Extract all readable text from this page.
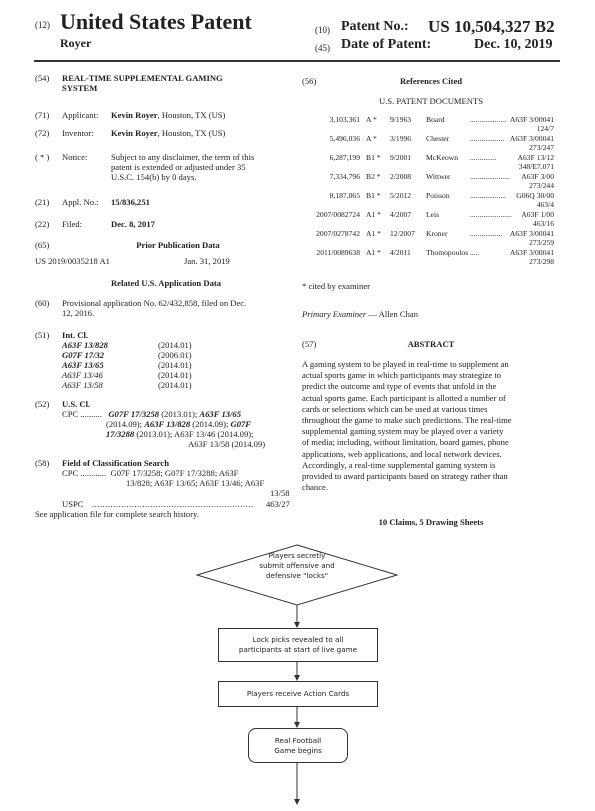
(12) United States Patent
Royer
(10) Patent No.: US 10,504,327 B2
(45) Date of Patent:	Dec. 10, 2019
(54) REAL-TIME SUPPLEMENTAL GAMING
SYSTEM
(71) Applicant: Kevin Royer, Houston, TX (US)
(72) Inventor: Kevin Royer, Houston, TX (US)
( * ) Notice:	Subject to any disclaimer, the term of this
patent is extended or adjusted under 35
U.S.C. 154(b) by 0 days.
(21) Appl. No.: 15/836,251
(22) Filed:	Dec. 8, 2017
(65)	Prior Publication Data
US 2019/0035218 A1	Jan. 31, 2019
Related U.S. Application Data
(60) Provisional application No. 62/432,858, filed on Dec.
12, 2016.
(51) Int. Cl.
A63F 13/828	(2014.01)
G07F 17/32	(2006.01)
A63F 13/65	(2014.01)
A63F 13/46	(2014.01)
A63F 13/58	(2014.01)
(52) U.S. Cl.
CPC .......... G07F 17/3258 (2013.01); A63F 13/65
(2014.09); A63F 13/828 (2014.09); G07F
17/3288 (2013.01); A63F 13/46 (2014.09);
A63F 13/58 (2014.09)
(58) Field of Classification Search
CPC ............ G07F 17/3258; G07F 17/3288; A63F
13/828; A63F 13/65; A63F 13/46; A63F
13/58
USPC .............................................................	463/27
See application file for complete search history.
(56)	References Cited
U.S. PATENT DOCUMENTS
3,103,361 A * 9/1963 Board	................... A63F 3/00041
124/7
5,496,036 A * 3/1996 Chester	.................. A63F 3/00041
273/247
6,287,199 B1 * 9/2001 McKeown ..............	A63F 13/12
348/E7.071
7,334,796 B2 * 2/2008 Wittwer	..................... A63F 3/00
273/244
8,187,065 B1 * 5/2012 Poisson	................... G06Q 30/00
463/4
2007/0082724 A1 * 4/2007 Leis	...................... A63F 1/00
463/16
2007/0278742 A1 * 12/2007 Kroner	................. A63F 3/00041
273/259
2011/0089638 A1 * 4/2011 Thomopoulos .....	A63F 3/00041
273/298
* cited by examiner
Primary Examiner — Allen Chan
(57)	ABSTRACT
A gaming system to be played in real-time to supplement an
actual sports game in which participants may strategize to
predict the outcome and type of events that unfold in the
actual sports game. Each participant is allotted a number of
cards or selections which can be used at various times
throughout the game to make such predictions. The real-time
supplemental gaming system may be played over a variety
of media; including, without limitation, board games, phone
applications, web applications, and local network devices.
Accordingly, a real-time supplemental gaming system is
provided to award participants based on strategy rather than
chance.
10 Claims, 5 Drawing Sheets
Players secretly
submit offensive and
defensive "locks"
Lock picks revealed to all
participants at start of live game
Players receive Action Cards
Real Football
Game begins
